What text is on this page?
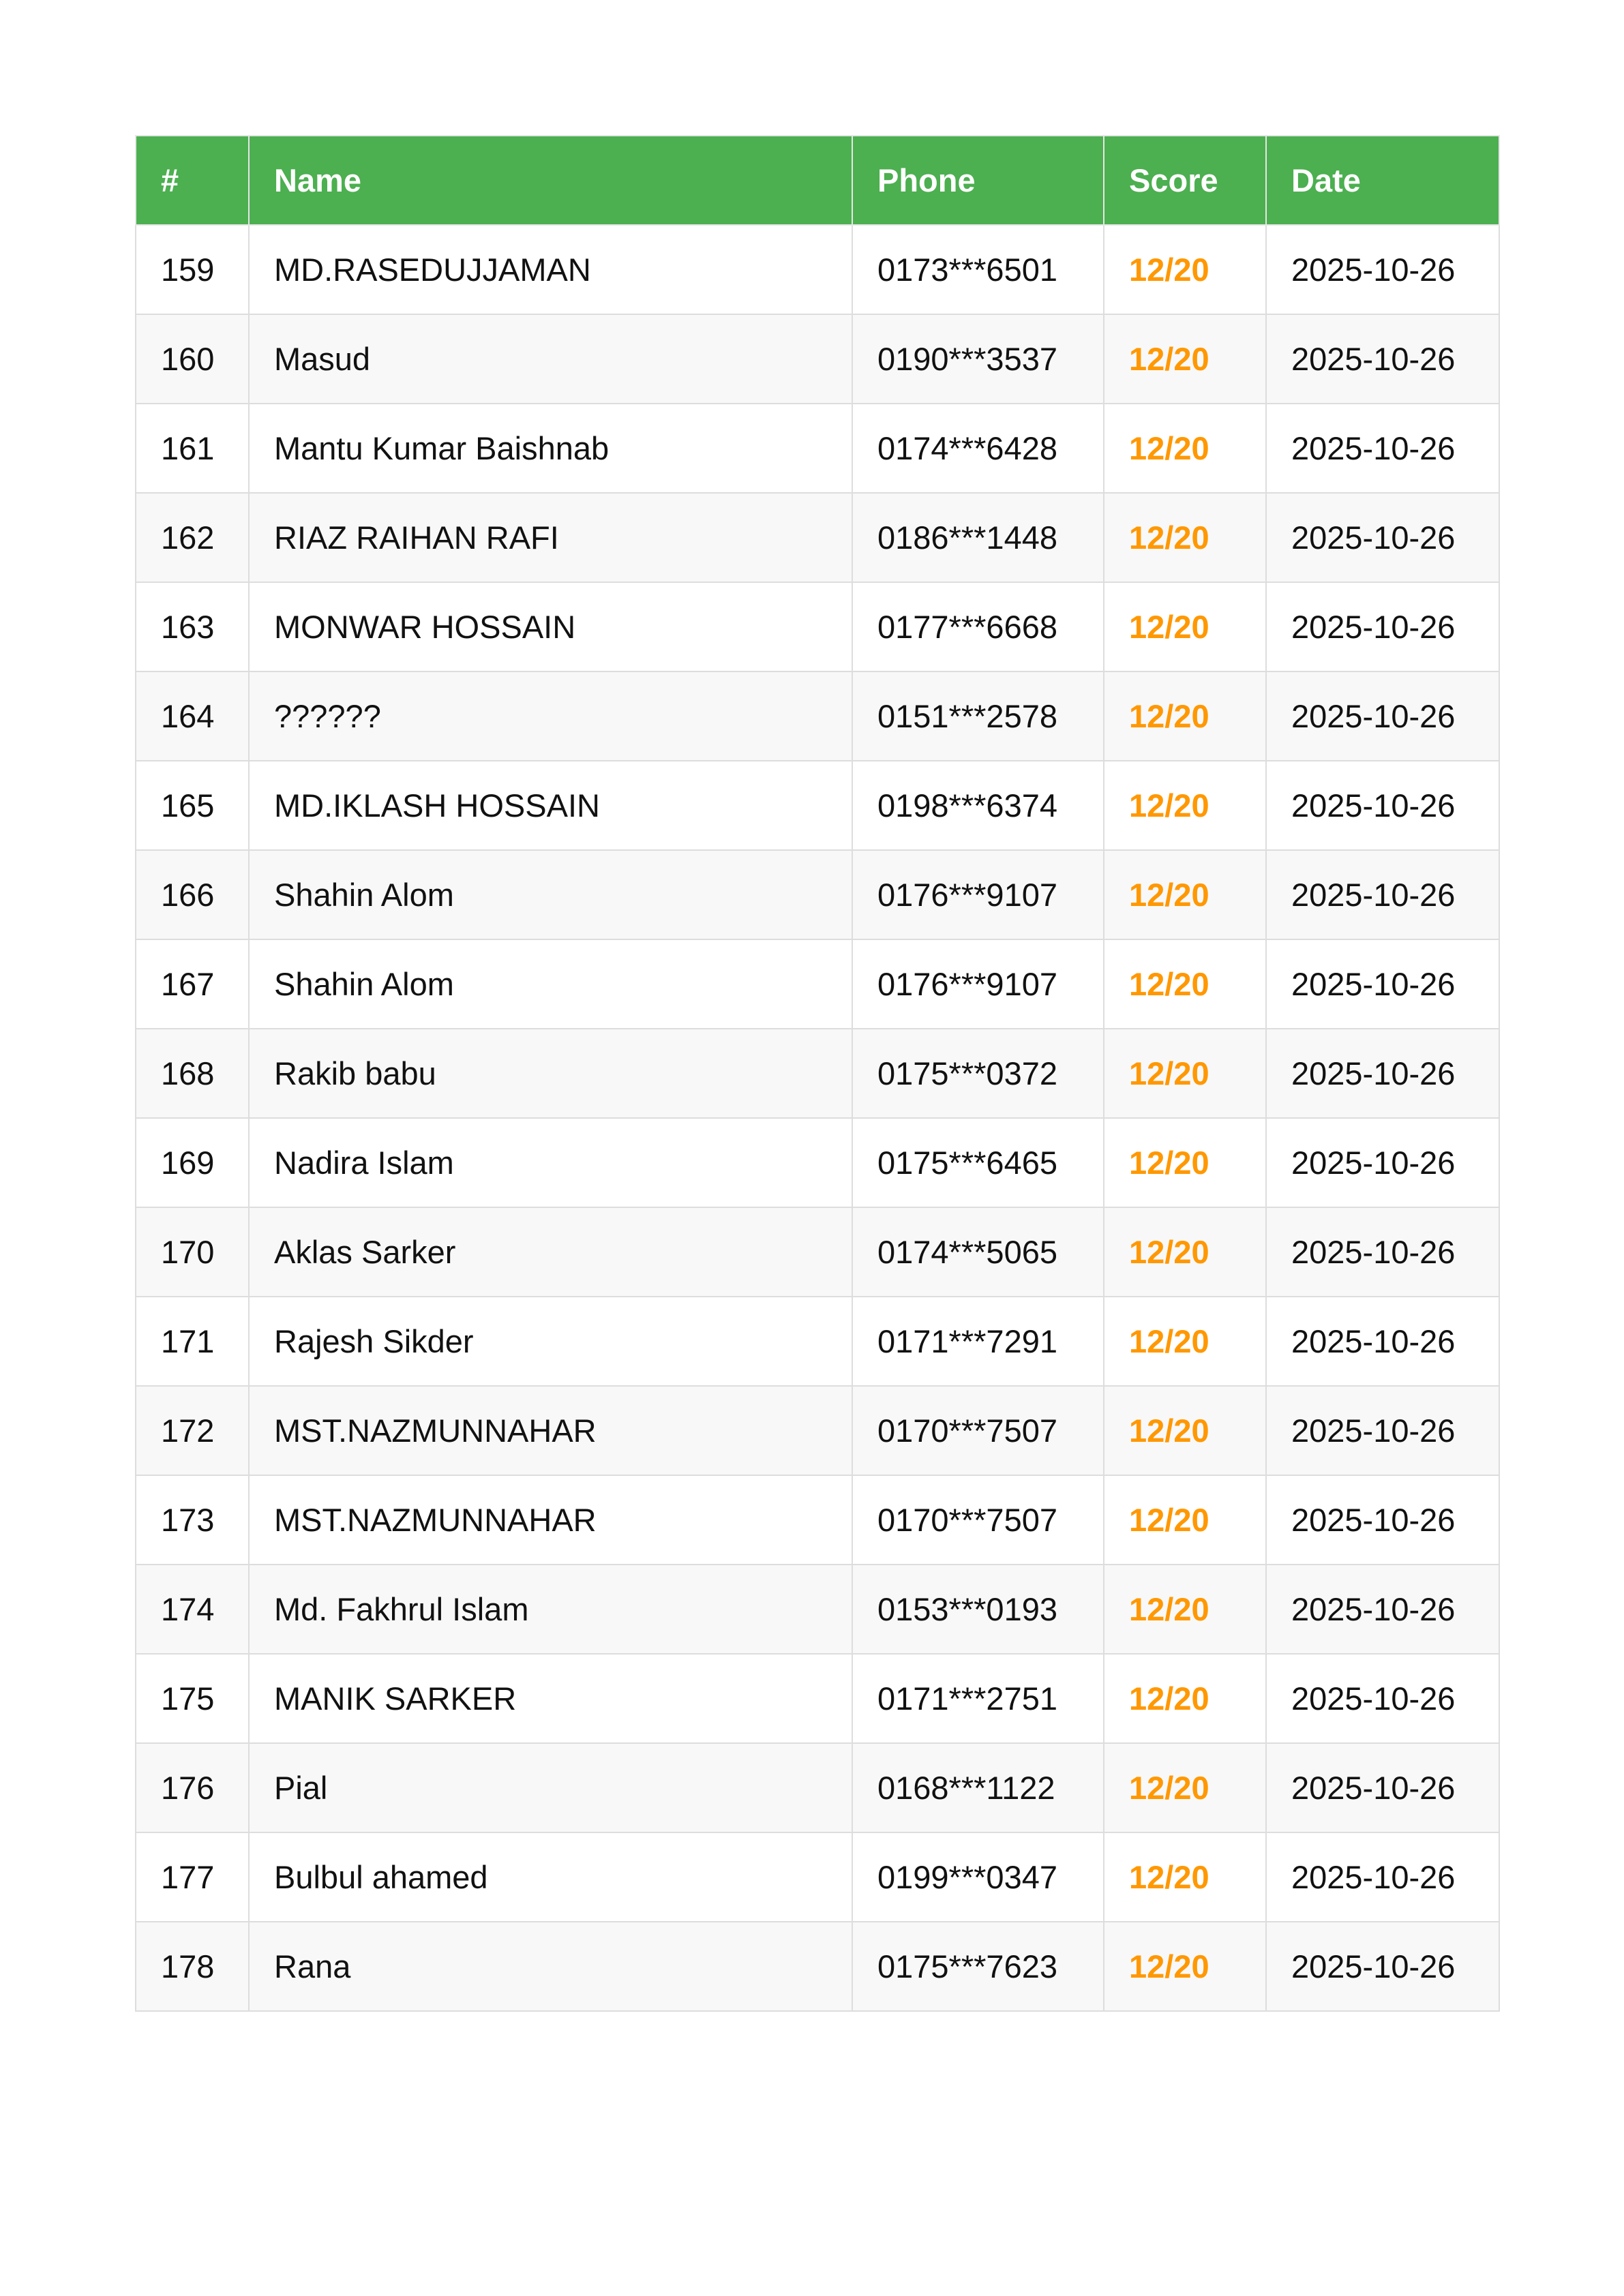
#	Name	Phone	Score	Date
159	MD.RASEDUJJAMAN	0173***6501	12/20	2025-10-26
160	Masud	0190***3537	12/20	2025-10-26
161	Mantu Kumar Baishnab	0174***6428	12/20	2025-10-26
162	RIAZ RAIHAN RAFI	0186***1448	12/20	2025-10-26
163	MONWAR HOSSAIN	0177***6668	12/20	2025-10-26
164	??????	0151***2578	12/20	2025-10-26
165	MD.IKLASH HOSSAIN	0198***6374	12/20	2025-10-26
166	Shahin Alom	0176***9107	12/20	2025-10-26
167	Shahin Alom	0176***9107	12/20	2025-10-26
168	Rakib babu	0175***0372	12/20	2025-10-26
169	Nadira Islam	0175***6465	12/20	2025-10-26
170	Aklas Sarker	0174***5065	12/20	2025-10-26
171	Rajesh Sikder	0171***7291	12/20	2025-10-26
172	MST.NAZMUNNAHAR	0170***7507	12/20	2025-10-26
173	MST.NAZMUNNAHAR	0170***7507	12/20	2025-10-26
174	Md. Fakhrul Islam	0153***0193	12/20	2025-10-26
175	MANIK SARKER	0171***2751	12/20	2025-10-26
176	Pial	0168***1122	12/20	2025-10-26
177	Bulbul ahamed	0199***0347	12/20	2025-10-26
178	Rana	0175***7623	12/20	2025-10-26
